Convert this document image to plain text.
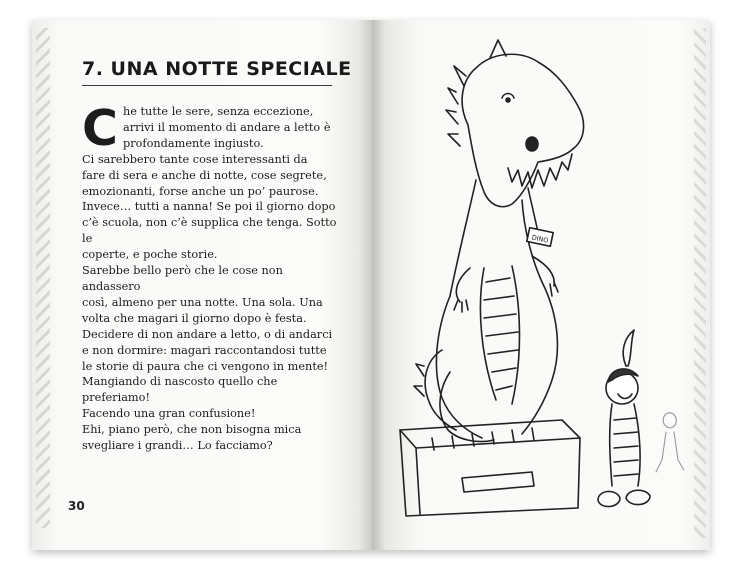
7. UNA NOTTE SPECIALE
C he tutte le sere, senza eccezione,

arrivi il momento di andare a letto è

profondamente ingiusto.

Ci sarebbero tante cose interessanti da

fare di sera e anche di notte, cose segrete,

emozionanti, forse anche un po’ paurose.

Invece… tutti a nanna! Se poi il giorno dopo

c’è scuola, non c’è supplica che tenga. Sotto le

coperte, e poche storie.

Sarebbe bello però che le cose non andassero

così, almeno per una notte. Una sola. Una

volta che magari il giorno dopo è festa.

Decidere di non andare a letto, o di andarci

e non dormire: magari raccontandosi tutte

le storie di paura che ci vengono in mente!

Mangiando di nascosto quello che preferiamo!

Facendo una gran confusione!

Ehi, piano però, che non bisogna mica

svegliare i grandi… Lo facciamo?

30
DINO
